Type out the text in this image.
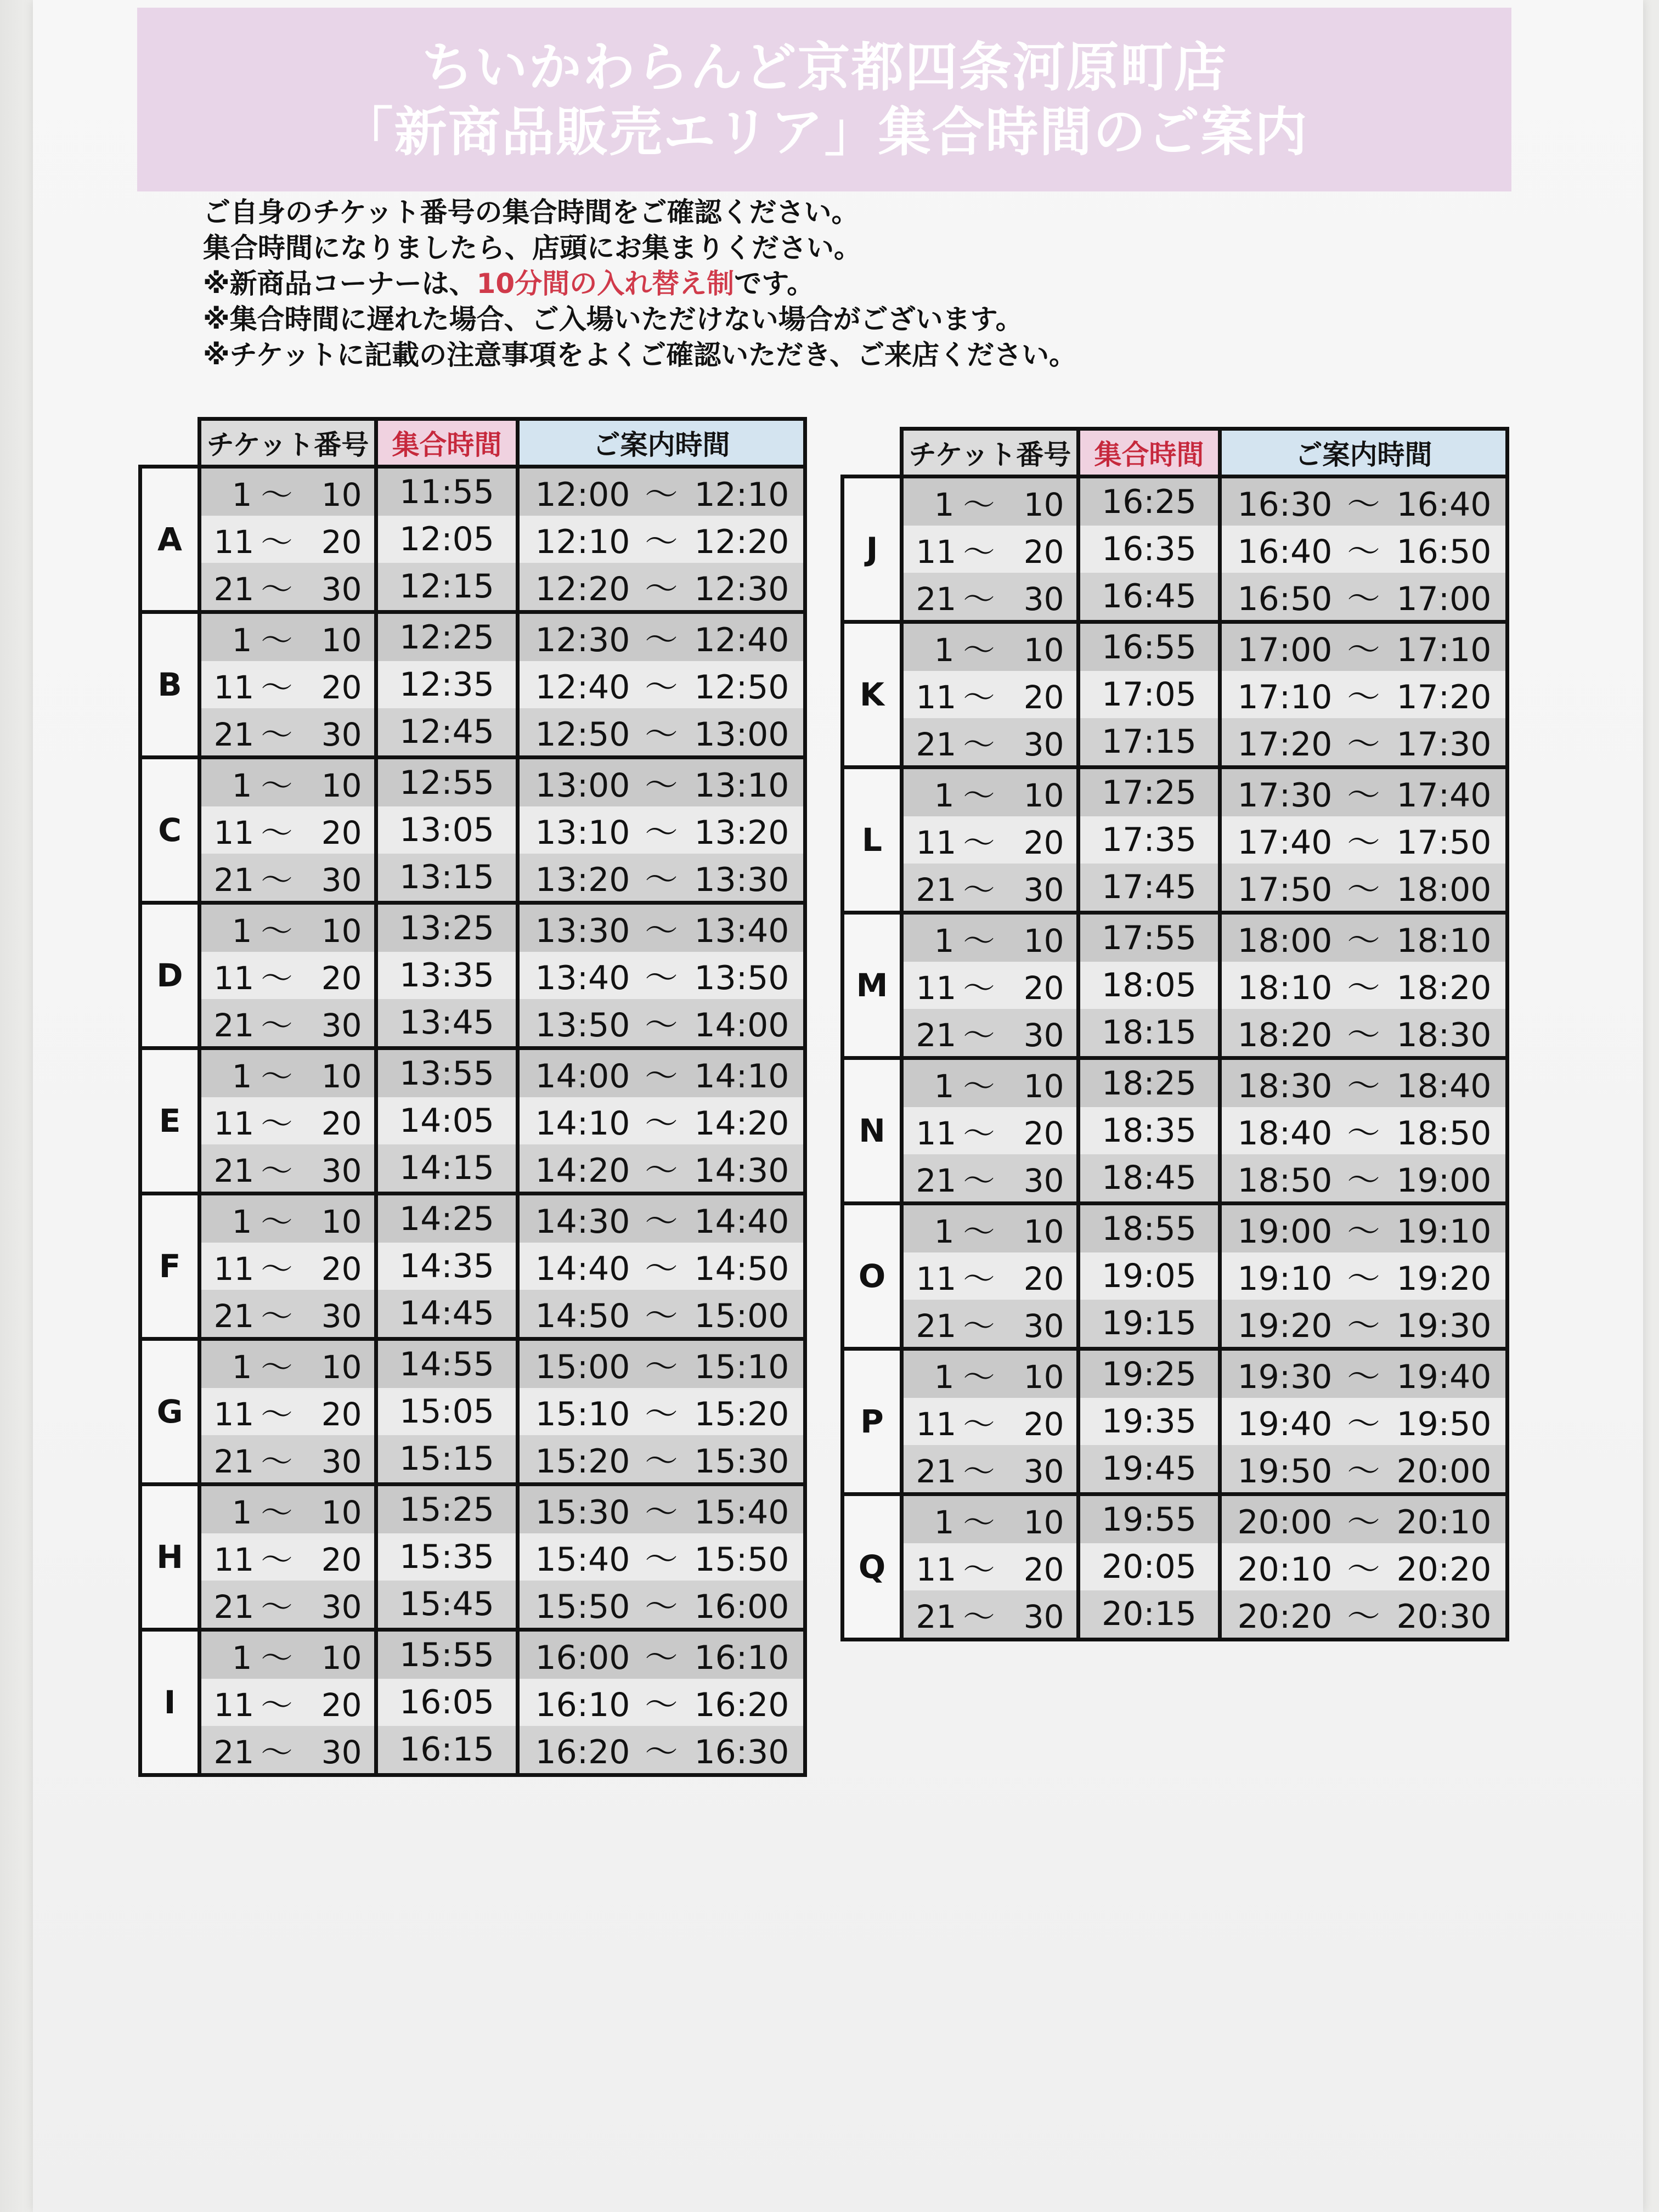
ちいかわらんど京都四条河原町店
「新商品販売エリア」集合時間のご案内
ご自身のチケット番号の集合時間をご確認ください。
集合時間になりましたら、店頭にお集まりください。
※新商品コーナーは、10分間の入れ替え制です。
※集合時間に遅れた場合、ご入場いただけない場合がございます。
※チケットに記載の注意事項をよくご確認いただき、ご来店ください。
	チケット番号	集合時間	ご案内時間
A	1 〜 10	11:55	12:00 〜 12:10
	11 〜 20	12:05	12:10 〜 12:20
	21 〜 30	12:15	12:20 〜 12:30
B	1 〜 10	12:25	12:30 〜 12:40
	11 〜 20	12:35	12:40 〜 12:50
	21 〜 30	12:45	12:50 〜 13:00
C	1 〜 10	12:55	13:00 〜 13:10
	11 〜 20	13:05	13:10 〜 13:20
	21 〜 30	13:15	13:20 〜 13:30
D	1 〜 10	13:25	13:30 〜 13:40
	11 〜 20	13:35	13:40 〜 13:50
	21 〜 30	13:45	13:50 〜 14:00
E	1 〜 10	13:55	14:00 〜 14:10
	11 〜 20	14:05	14:10 〜 14:20
	21 〜 30	14:15	14:20 〜 14:30
F	1 〜 10	14:25	14:30 〜 14:40
	11 〜 20	14:35	14:40 〜 14:50
	21 〜 30	14:45	14:50 〜 15:00
G	1 〜 10	14:55	15:00 〜 15:10
	11 〜 20	15:05	15:10 〜 15:20
	21 〜 30	15:15	15:20 〜 15:30
H	1 〜 10	15:25	15:30 〜 15:40
	11 〜 20	15:35	15:40 〜 15:50
	21 〜 30	15:45	15:50 〜 16:00
I	1 〜 10	15:55	16:00 〜 16:10
	11 〜 20	16:05	16:10 〜 16:20
	21 〜 30	16:15	16:20 〜 16:30
	チケット番号	集合時間	ご案内時間
J	1 〜 10	16:25	16:30 〜 16:40
	11 〜 20	16:35	16:40 〜 16:50
	21 〜 30	16:45	16:50 〜 17:00
K	1 〜 10	16:55	17:00 〜 17:10
	11 〜 20	17:05	17:10 〜 17:20
	21 〜 30	17:15	17:20 〜 17:30
L	1 〜 10	17:25	17:30 〜 17:40
	11 〜 20	17:35	17:40 〜 17:50
	21 〜 30	17:45	17:50 〜 18:00
M	1 〜 10	17:55	18:00 〜 18:10
	11 〜 20	18:05	18:10 〜 18:20
	21 〜 30	18:15	18:20 〜 18:30
N	1 〜 10	18:25	18:30 〜 18:40
	11 〜 20	18:35	18:40 〜 18:50
	21 〜 30	18:45	18:50 〜 19:00
O	1 〜 10	18:55	19:00 〜 19:10
	11 〜 20	19:05	19:10 〜 19:20
	21 〜 30	19:15	19:20 〜 19:30
P	1 〜 10	19:25	19:30 〜 19:40
	11 〜 20	19:35	19:40 〜 19:50
	21 〜 30	19:45	19:50 〜 20:00
Q	1 〜 10	19:55	20:00 〜 20:10
	11 〜 20	20:05	20:10 〜 20:20
	21 〜 30	20:15	20:20 〜 20:30
